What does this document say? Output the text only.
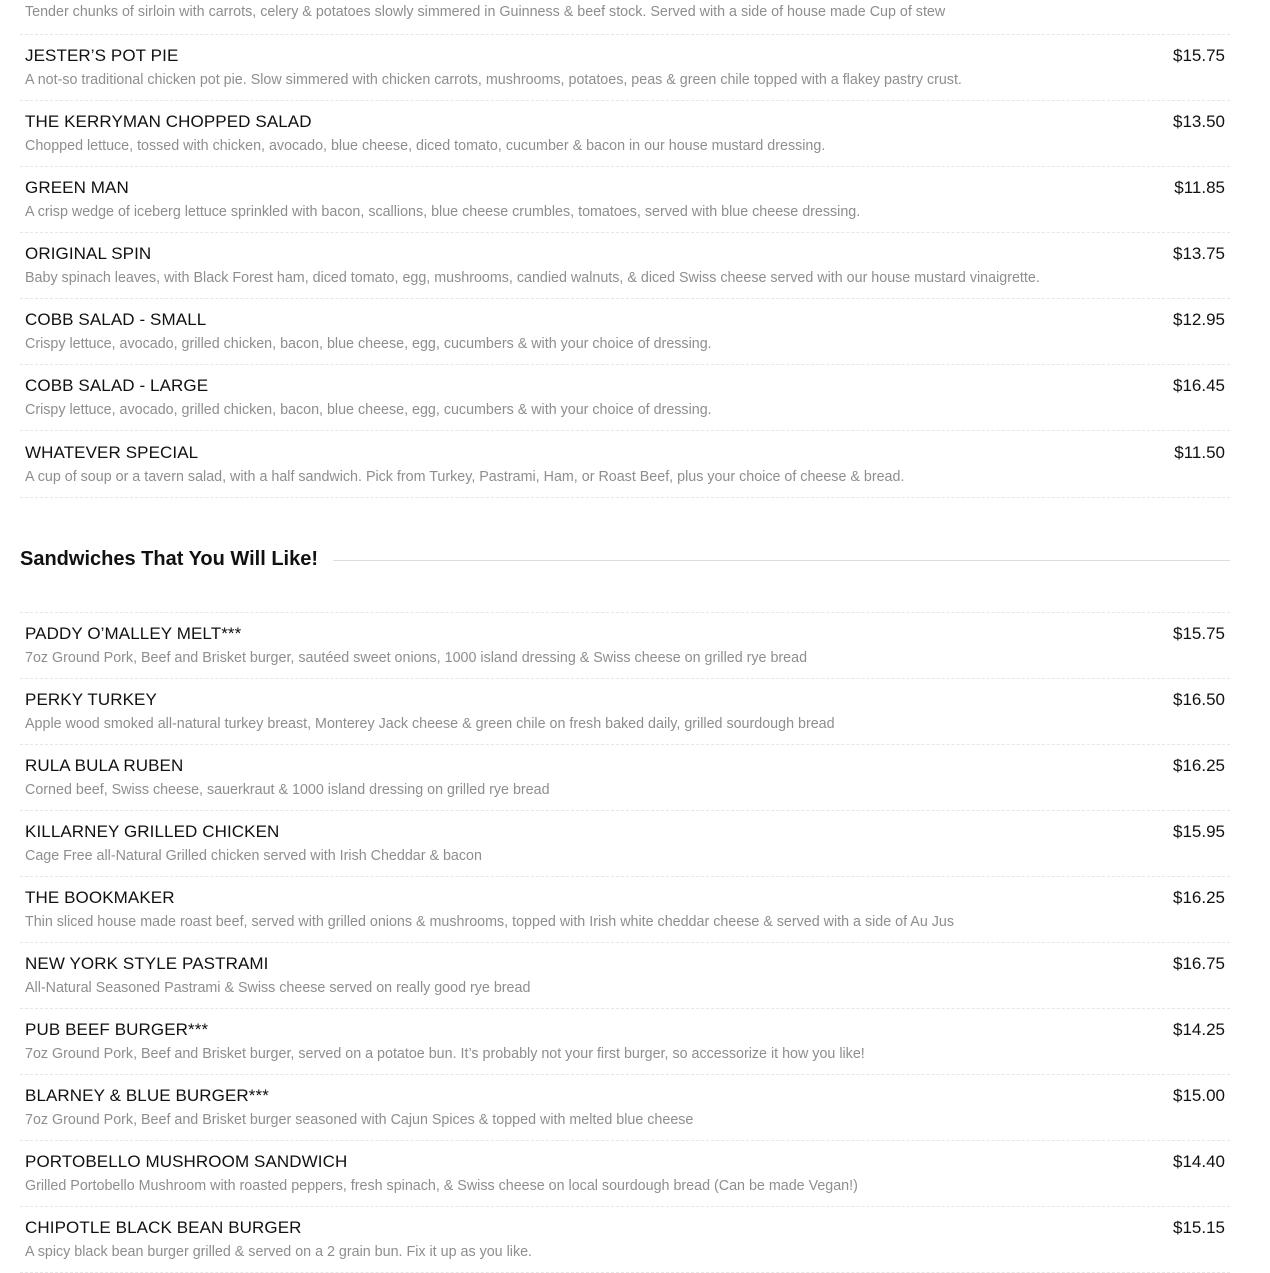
Tender chunks of sirloin with carrots, celery & potatoes slowly simmered in Guinness & beef stock. Served with a side of house made Cup of stew
JESTER’S POT PIE	$15.75
A not-so traditional chicken pot pie. Slow simmered with chicken carrots, mushrooms, potatoes, peas & green chile topped with a flakey pastry crust.
THE KERRYMAN CHOPPED SALAD	$13.50
Chopped lettuce, tossed with chicken, avocado, blue cheese, diced tomato, cucumber & bacon in our house mustard dressing.
GREEN MAN	$11.85
A crisp wedge of iceberg lettuce sprinkled with bacon, scallions, blue cheese crumbles, tomatoes, served with blue cheese dressing.
ORIGINAL SPIN	$13.75
Baby spinach leaves, with Black Forest ham, diced tomato, egg, mushrooms, candied walnuts, & diced Swiss cheese served with our house mustard vinaigrette.
COBB SALAD - SMALL	$12.95
Crispy lettuce, avocado, grilled chicken, bacon, blue cheese, egg, cucumbers & with your choice of dressing.
COBB SALAD - LARGE	$16.45
Crispy lettuce, avocado, grilled chicken, bacon, blue cheese, egg, cucumbers & with your choice of dressing.
WHATEVER SPECIAL	$11.50
A cup of soup or a tavern salad, with a half sandwich. Pick from Turkey, Pastrami, Ham, or Roast Beef, plus your choice of cheese & bread.
Sandwiches That You Will Like!
PADDY O’MALLEY MELT***	$15.75
7oz Ground Pork, Beef and Brisket burger, sautéed sweet onions, 1000 island dressing & Swiss cheese on grilled rye bread
PERKY TURKEY	$16.50
Apple wood smoked all-natural turkey breast, Monterey Jack cheese & green chile on fresh baked daily, grilled sourdough bread
RULA BULA RUBEN	$16.25
Corned beef, Swiss cheese, sauerkraut & 1000 island dressing on grilled rye bread
KILLARNEY GRILLED CHICKEN	$15.95
Cage Free all-Natural Grilled chicken served with Irish Cheddar & bacon
THE BOOKMAKER	$16.25
Thin sliced house made roast beef, served with grilled onions & mushrooms, topped with Irish white cheddar cheese & served with a side of Au Jus
NEW YORK STYLE PASTRAMI	$16.75
All-Natural Seasoned Pastrami & Swiss cheese served on really good rye bread
PUB BEEF BURGER***	$14.25
7oz Ground Pork, Beef and Brisket burger, served on a potatoe bun. It’s probably not your first burger, so accessorize it how you like!
BLARNEY & BLUE BURGER***	$15.00
7oz Ground Pork, Beef and Brisket burger seasoned with Cajun Spices & topped with melted blue cheese
PORTOBELLO MUSHROOM SANDWICH	$14.40
Grilled Portobello Mushroom with roasted peppers, fresh spinach, & Swiss cheese on local sourdough bread (Can be made Vegan!)
CHIPOTLE BLACK BEAN BURGER	$15.15
A spicy black bean burger grilled & served on a 2 grain bun. Fix it up as you like.
